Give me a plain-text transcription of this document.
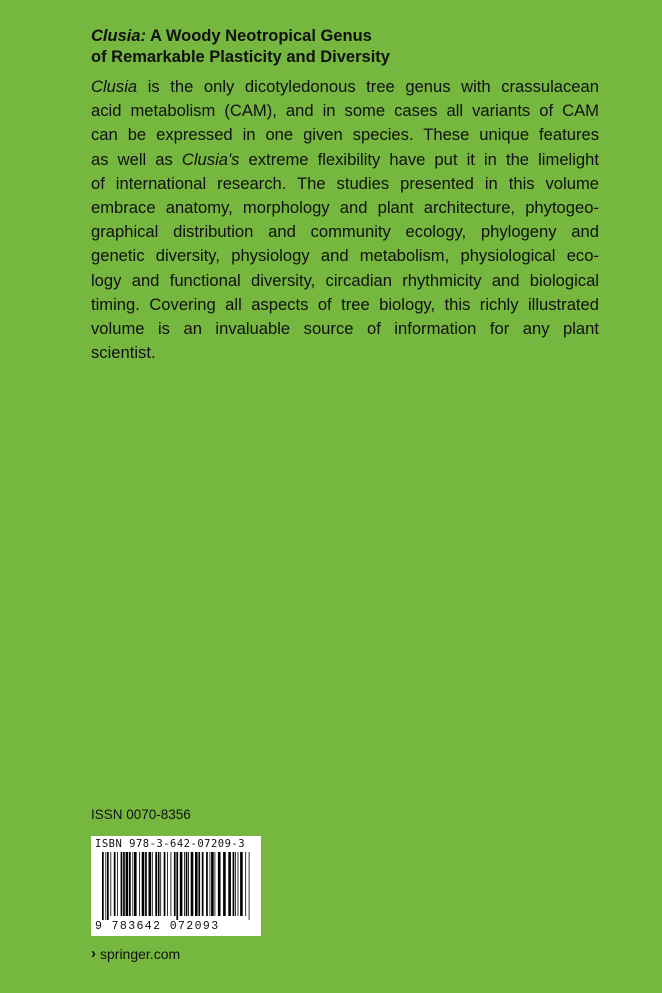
Clusia: A Woody Neotropical Genus
of Remarkable Plasticity and Diversity
Clusia is the only dicotyledonous tree genus with crassulacean
acid metabolism (CAM), and in some cases all variants of CAM
can be expressed in one given species. These unique features
as well as Clusia's extreme flexibility have put it in the limelight
of international research. The studies presented in this volume
embrace anatomy, morphology and plant architecture, phytogeo-
graphical distribution and community ecology, phylogeny and
genetic diversity, physiology and metabolism, physiological eco-
logy and functional diversity, circadian rhythmicity and biological
timing. Covering all aspects of tree biology, this richly illustrated
volume is an invaluable source of information for any plant
scientist.
ISSN 0070-8356
ISBN 978-3-642-07209-3
9 783642 072093
› springer.com
